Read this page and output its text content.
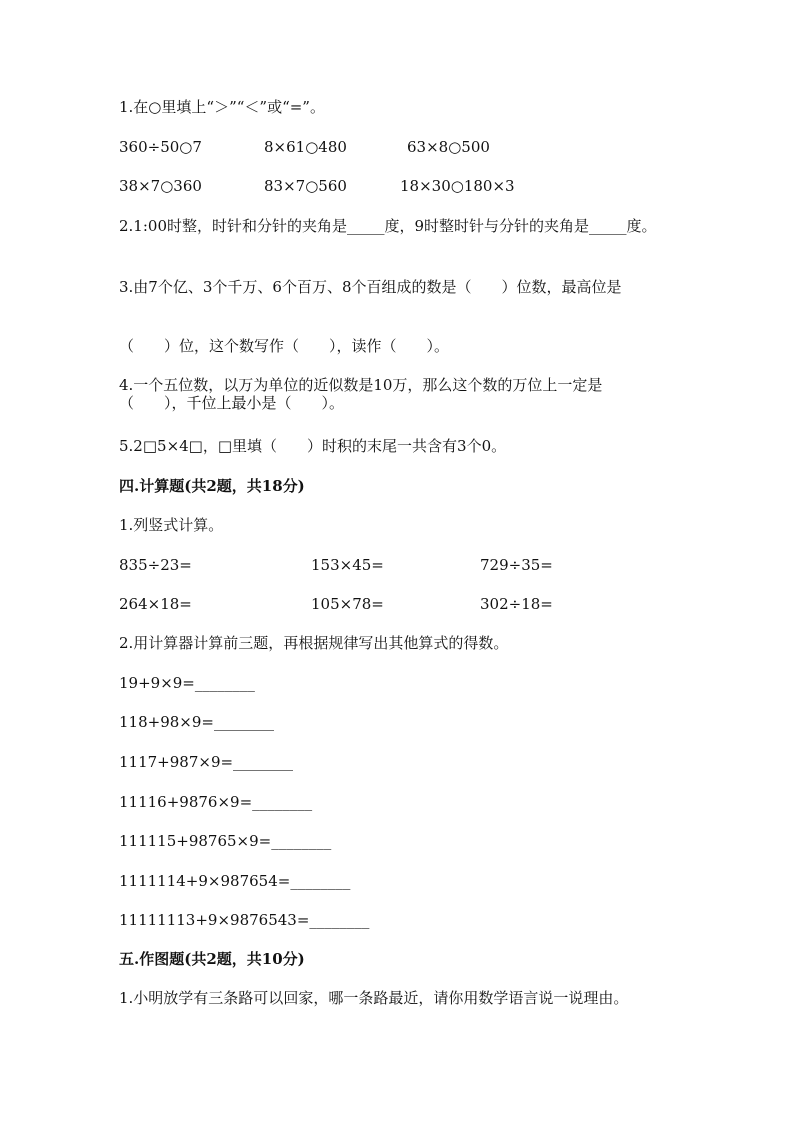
1.在○里填上“＞”“＜”或“=”。
360÷50○7	8×61○480	63×8○500
38×7○360	83×7○560	18×30○180×3
2.1:00时整，时针和分针的夹角是_____度，9时整时针与分针的夹角是_____度。
3.由7个亿、3个千万、6个百万、8个百组成的数是（　　）位数，最高位是
（　　）位，这个数写作（　　），读作（　　）。
4.一个五位数，以万为单位的近似数是10万，那么这个数的万位上一定是（　　），千位上最小是（　　）。
5.2□5×4□，□里填（　　）时积的末尾一共含有3个0。
四.计算题(共2题，共18分)
1.列竖式计算。
835÷23=	153×45=	729÷35=
264×18=	105×78=	302÷18=
2.用计算器计算前三题，再根据规律写出其他算式的得数。
19+9×9=________
118+98×9=________
1117+987×9=________
11116+9876×9=________
111115+98765×9=________
1111114+9×987654=________
11111113+9×9876543=________
五.作图题(共2题，共10分)
1.小明放学有三条路可以回家，哪一条路最近，请你用数学语言说一说理由。
